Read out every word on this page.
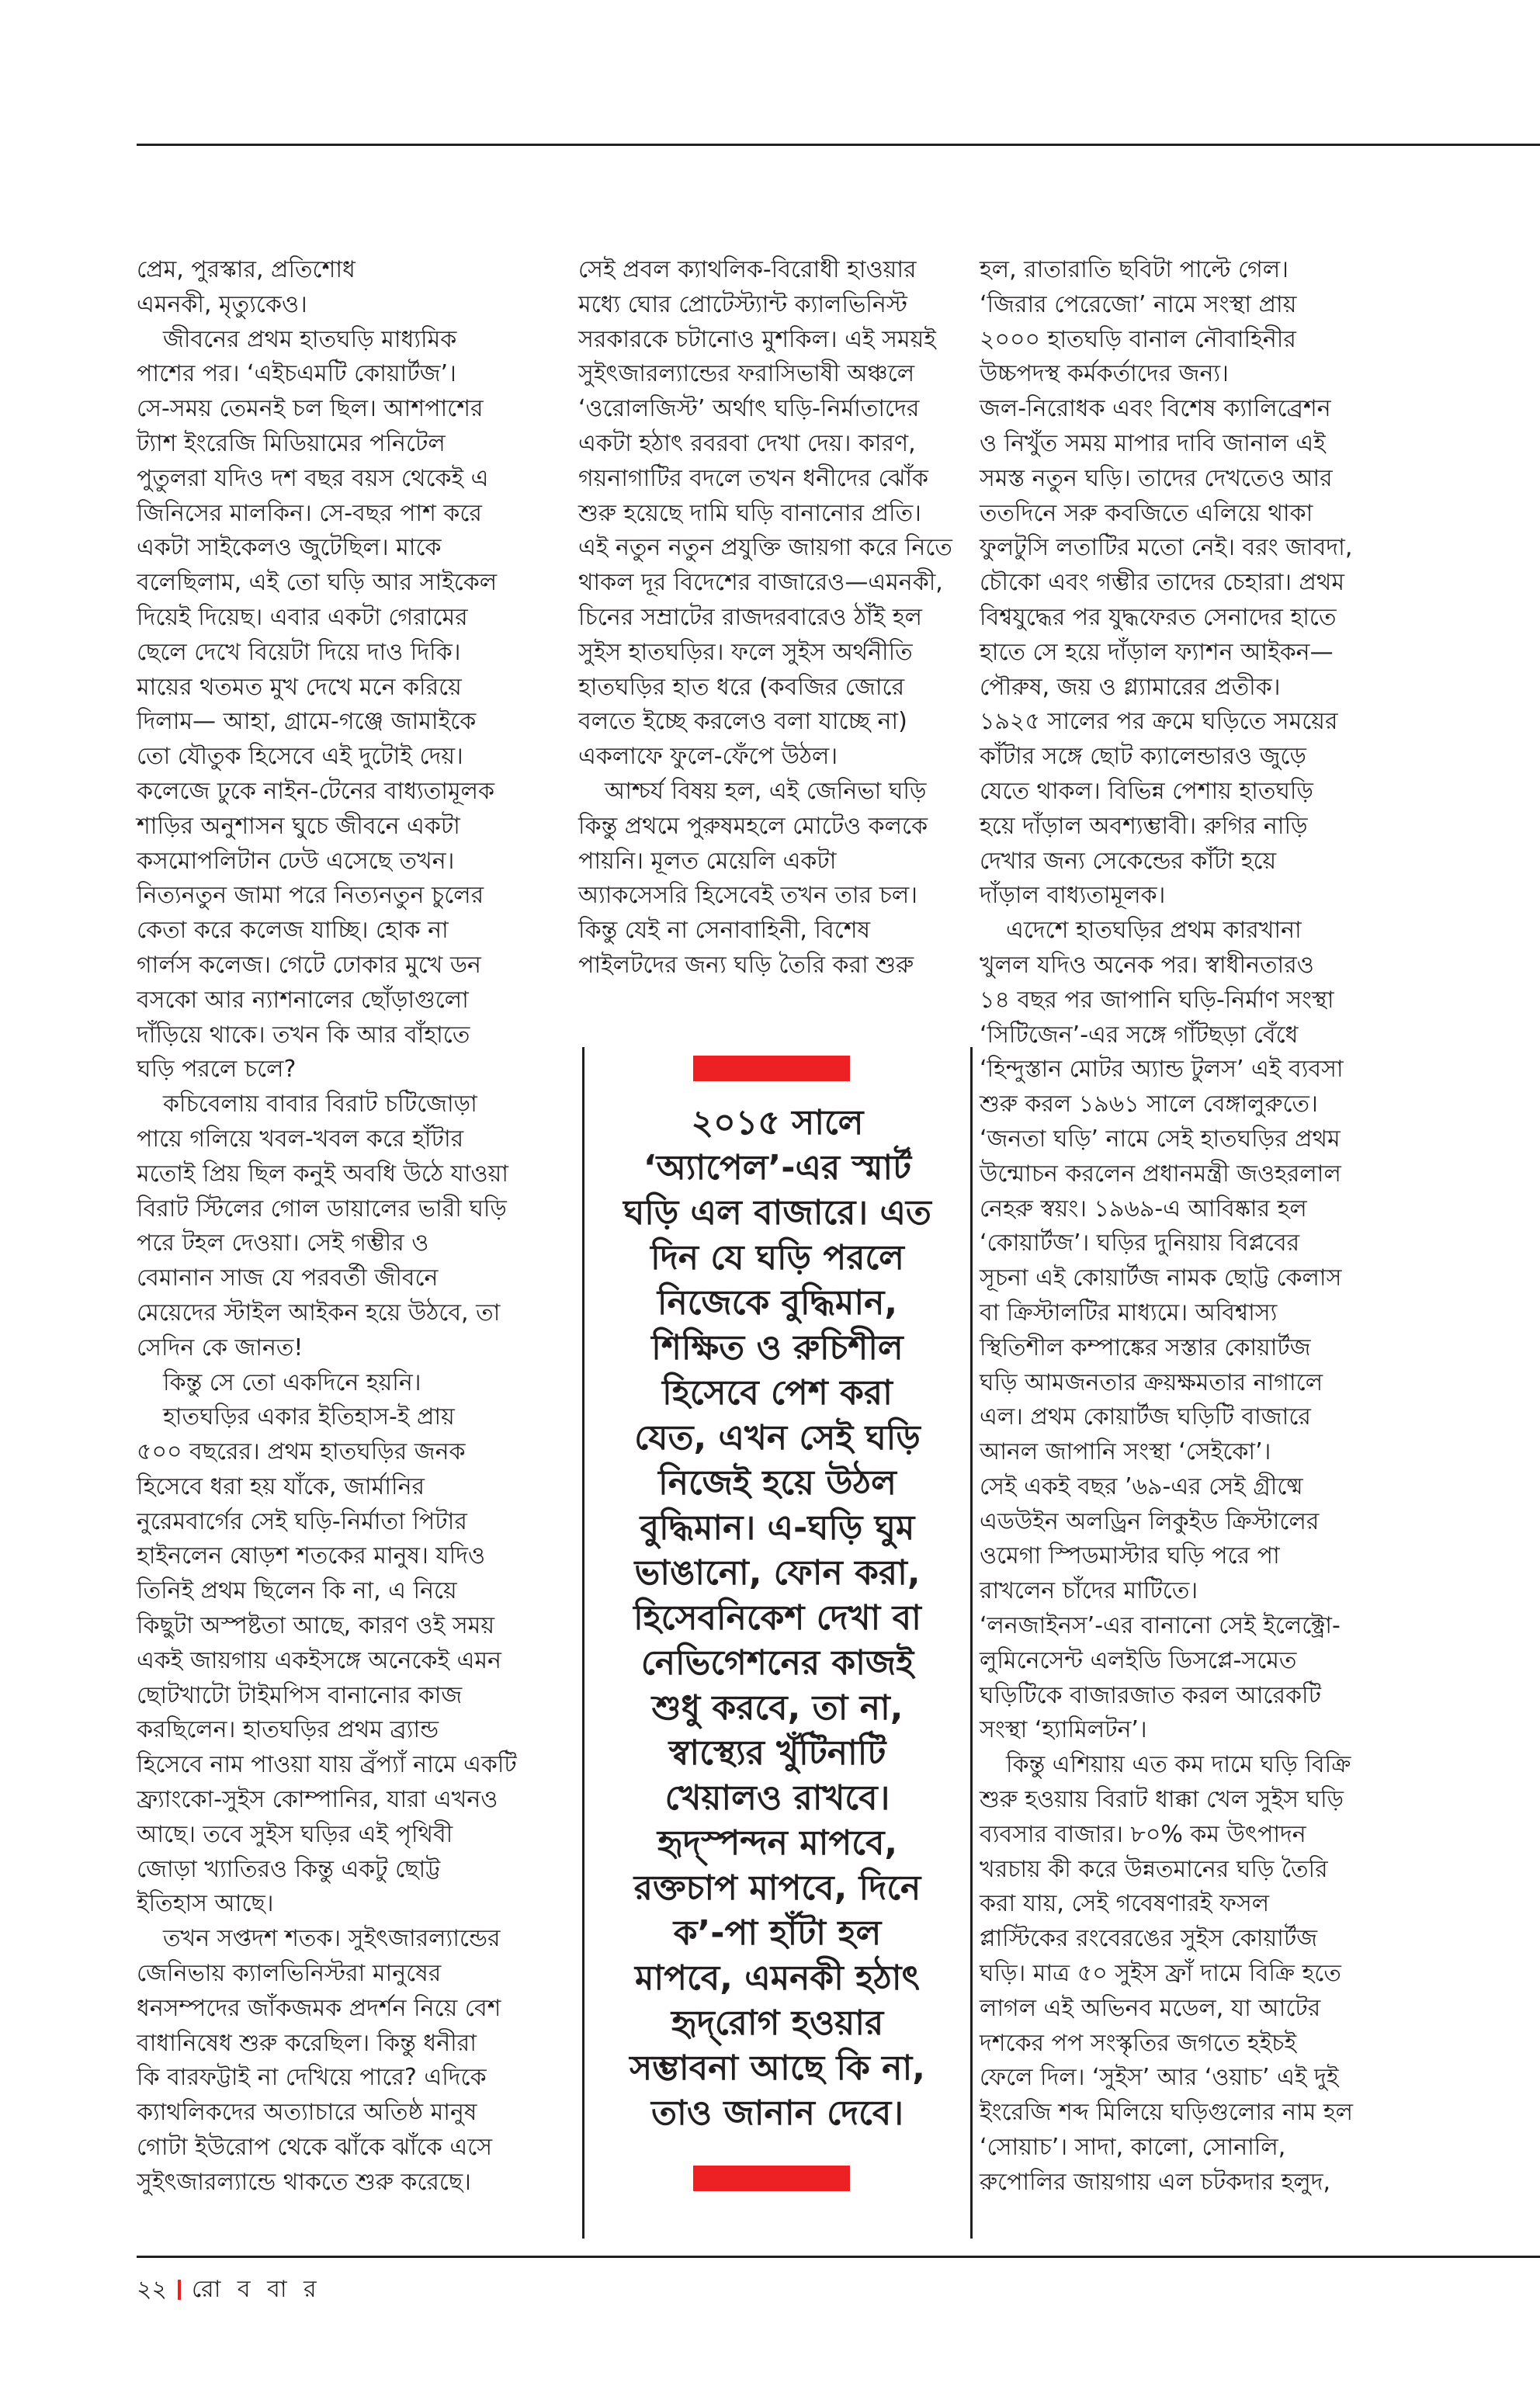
প্রেম, পুরস্কার, প্রতিশোধ
এমনকী, মৃত্যুকেও।
জীবনের প্রথম হাতঘড়ি মাধ্যমিক
পাশের পর। ‘এইচএমটি কোয়ার্টজ’।
সে-সময় তেমনই চল ছিল। আশপাশের
ট্যাশ ইংরেজি মিডিয়ামের পনিটেল
পুতুলরা যদিও দশ বছর বয়স থেকেই এ
জিনিসের মালকিন। সে-বছর পাশ করে
একটা সাইকেলও জুটেছিল। মাকে
বলেছিলাম, এই তো ঘড়ি আর সাইকেল
দিয়েই দিয়েছ। এবার একটা গেরামের
ছেলে দেখে বিয়েটা দিয়ে দাও দিকি।
মায়ের থতমত মুখ দেখে মনে করিয়ে
দিলাম— আহা, গ্রামে-গঞ্জে জামাইকে
তো যৌতুক হিসেবে এই দুটোই দেয়।
কলেজে ঢুকে নাইন-টেনের বাধ্যতামূলক
শাড়ির অনুশাসন ঘুচে জীবনে একটা
কসমোপলিটান ঢেউ এসেছে তখন।
নিত্যনতুন জামা পরে নিত্যনতুন চুলের
কেতা করে কলেজ যাচ্ছি। হোক না
গার্লস কলেজ। গেটে ঢোকার মুখে ডন
বসকো আর ন্যাশনালের ছোঁড়াগুলো
দাঁড়িয়ে থাকে। তখন কি আর বাঁহাতে
ঘড়ি পরলে চলে?
কচিবেলায় বাবার বিরাট চটিজোড়া
পায়ে গলিয়ে খবল-খবল করে হাঁটার
মতোই প্রিয় ছিল কনুই অবধি উঠে যাওয়া
বিরাট স্টিলের গোল ডায়ালের ভারী ঘড়ি
পরে টহল দেওয়া। সেই গম্ভীর ও
বেমানান সাজ যে পরবর্তী জীবনে
মেয়েদের স্টাইল আইকন হয়ে উঠবে, তা
সেদিন কে জানত!
কিন্তু সে তো একদিনে হয়নি।
হাতঘড়ির একার ইতিহাস-ই প্রায়
৫০০ বছরের। প্রথম হাতঘড়ির জনক
হিসেবে ধরা হয় যাঁকে, জার্মানির
নুরেমবার্গের সেই ঘড়ি-নির্মাতা পিটার
হাইনলেন ষোড়শ শতকের মানুষ। যদিও
তিনিই প্রথম ছিলেন কি না, এ নিয়ে
কিছুটা অস্পষ্টতা আছে, কারণ ওই সময়
একই জায়গায় একইসঙ্গে অনেকেই এমন
ছোটখাটো টাইমপিস বানানোর কাজ
করছিলেন। হাতঘড়ির প্রথম ব্র্যান্ড
হিসেবে নাম পাওয়া যায় ব্রঁপ্যাঁ নামে একটি
ফ্র্যাংকো-সুইস কোম্পানির, যারা এখনও
আছে। তবে সুইস ঘড়ির এই পৃথিবী
জোড়া খ্যাতিরও কিন্তু একটু ছোট্ট
ইতিহাস আছে।
তখন সপ্তদশ শতক। সুইৎজারল্যান্ডের
জেনিভায় ক্যালভিনিস্টরা মানুষের
ধনসম্পদের জাঁকজমক প্রদর্শন নিয়ে বেশ
বাধানিষেধ শুরু করেছিল। কিন্তু ধনীরা
কি বারফট্টাই না দেখিয়ে পারে? এদিকে
ক্যাথলিকদের অত্যাচারে অতিষ্ঠ মানুষ
গোটা ইউরোপ থেকে ঝাঁকে ঝাঁকে এসে
সুইৎজারল্যান্ডে থাকতে শুরু করেছে।
সেই প্রবল ক্যাথলিক-বিরোধী হাওয়ার
মধ্যে ঘোর প্রোটেস্ট্যান্ট ক্যালভিনিস্ট
সরকারকে চটানোও মুশকিল। এই সময়ই
সুইৎজারল্যান্ডের ফরাসিভাষী অঞ্চলে
‘ওরোলজিস্ট’ অর্থাৎ ঘড়ি-নির্মাতাদের
একটা হঠাৎ রবরবা দেখা দেয়। কারণ,
গয়নাগাটির বদলে তখন ধনীদের ঝোঁক
শুরু হয়েছে দামি ঘড়ি বানানোর প্রতি।
এই নতুন নতুন প্রযুক্তি জায়গা করে নিতে
থাকল দূর বিদেশের বাজারেও—এমনকী,
চিনের সম্রাটের রাজদরবারেও ঠাঁই হল
সুইস হাতঘড়ির। ফলে সুইস অর্থনীতি
হাতঘড়ির হাত ধরে (কবজির জোরে
বলতে ইচ্ছে করলেও বলা যাচ্ছে না)
একলাফে ফুলে-ফেঁপে উঠল।
আশ্চর্য বিষয় হল, এই জেনিভা ঘড়ি
কিন্তু প্রথমে পুরুষমহলে মোটেও কলকে
পায়নি। মূলত মেয়েলি একটা
অ্যাকসেসরি হিসেবেই তখন তার চল।
কিন্তু যেই না সেনাবাহিনী, বিশেষ
পাইলটদের জন্য ঘড়ি তৈরি করা শুরু
হল, রাতারাতি ছবিটা পাল্টে গেল।
‘জিরার পেরেজো’ নামে সংস্থা প্রায়
২০০০ হাতঘড়ি বানাল নৌবাহিনীর
উচ্চপদস্থ কর্মকর্তাদের জন্য।
জল-নিরোধক এবং বিশেষ ক্যালিব্রেশন
ও নিখুঁত সময় মাপার দাবি জানাল এই
সমস্ত নতুন ঘড়ি। তাদের দেখতেও আর
ততদিনে সরু কবজিতে এলিয়ে থাকা
ফুলটুসি লতাটির মতো নেই। বরং জাবদা,
চৌকো এবং গম্ভীর তাদের চেহারা। প্রথম
বিশ্বযুদ্ধের পর যুদ্ধফেরত সেনাদের হাতে
হাতে সে হয়ে দাঁড়াল ফ্যাশন আইকন—
পৌরুষ, জয় ও গ্ল্যামারের প্রতীক।
১৯২৫ সালের পর ক্রমে ঘড়িতে সময়ের
কাঁটার সঙ্গে ছোট ক্যালেন্ডারও জুড়ে
যেতে থাকল। বিভিন্ন পেশায় হাতঘড়ি
হয়ে দাঁড়াল অবশ্যম্ভাবী। রুগির নাড়ি
দেখার জন্য সেকেন্ডের কাঁটা হয়ে
দাঁড়াল বাধ্যতামূলক।
এদেশে হাতঘড়ির প্রথম কারখানা
খুলল যদিও অনেক পর। স্বাধীনতারও
১৪ বছর পর জাপানি ঘড়ি-নির্মাণ সংস্থা
‘সিটিজেন’-এর সঙ্গে গাঁটছড়া বেঁধে
‘হিন্দুস্তান মোটর অ্যান্ড টুলস’ এই ব্যবসা
শুরু করল ১৯৬১ সালে বেঙ্গালুরুতে।
‘জনতা ঘড়ি’ নামে সেই হাতঘড়ির প্রথম
উন্মোচন করলেন প্রধানমন্ত্রী জওহরলাল
নেহরু স্বয়ং। ১৯৬৯-এ আবিষ্কার হল
‘কোয়ার্টজ’। ঘড়ির দুনিয়ায় বিপ্লবের
সূচনা এই কোয়ার্টজ নামক ছোট্ট কেলাস
বা ক্রিস্টালটির মাধ্যমে। অবিশ্বাস্য
স্থিতিশীল কম্পাঙ্কের সস্তার কোয়ার্টজ
ঘড়ি আমজনতার ক্রয়ক্ষমতার নাগালে
এল। প্রথম কোয়ার্টজ ঘড়িটি বাজারে
আনল জাপানি সংস্থা ‘সেইকো’।
সেই একই বছর ’৬৯-এর সেই গ্রীষ্মে
এডউইন অলড্রিন লিকুইড ক্রিস্টালের
ওমেগা স্পিডমাস্টার ঘড়ি পরে পা
রাখলেন চাঁদের মাটিতে।
‘লনজাইনস’-এর বানানো সেই ইলেক্ট্রো-
লুমিনেসেন্ট এলইডি ডিসপ্লে-সমেত
ঘড়িটিকে বাজারজাত করল আরেকটি
সংস্থা ‘হ্যামিলটন’।
কিন্তু এশিয়ায় এত কম দামে ঘড়ি বিক্রি
শুরু হওয়ায় বিরাট ধাক্কা খেল সুইস ঘড়ি
ব্যবসার বাজার। ৮০% কম উৎপাদন
খরচায় কী করে উন্নতমানের ঘড়ি তৈরি
করা যায়, সেই গবেষণারই ফসল
প্লাস্টিকের রংবেরঙের সুইস কোয়ার্টজ
ঘড়ি। মাত্র ৫০ সুইস ফ্রাঁ দামে বিক্রি হতে
লাগল এই অভিনব মডেল, যা আটের
দশকের পপ সংস্কৃতির জগতে হইচই
ফেলে দিল। ‘সুইস’ আর ‘ওয়াচ’ এই দুই
ইংরেজি শব্দ মিলিয়ে ঘড়িগুলোর নাম হল
‘সোয়াচ’। সাদা, কালো, সোনালি,
রুপোলির জায়গায় এল চটকদার হলুদ,
২০১৫ সালে
‘অ্যাপেল’-এর স্মার্ট
ঘড়ি এল বাজারে। এত
দিন যে ঘড়ি পরলে
নিজেকে বুদ্ধিমান,
শিক্ষিত ও রুচিশীল
হিসেবে পেশ করা
যেত, এখন সেই ঘড়ি
নিজেই হয়ে উঠল
বুদ্ধিমান। এ-ঘড়ি ঘুম
ভাঙানো, ফোন করা,
হিসেবনিকেশ দেখা বা
নেভিগেশনের কাজই
শুধু করবে, তা না,
স্বাস্থ্যের খুঁটিনাটি
খেয়ালও রাখবে।
হৃদ্‌স্পন্দন মাপবে,
রক্তচাপ মাপবে, দিনে
ক’-পা হাঁটা হল
মাপবে, এমনকী হঠাৎ
হৃদ্‌রোগ হওয়ার
সম্ভাবনা আছে কি না,
তাও জানান দেবে।
২২ রো ব বা র
